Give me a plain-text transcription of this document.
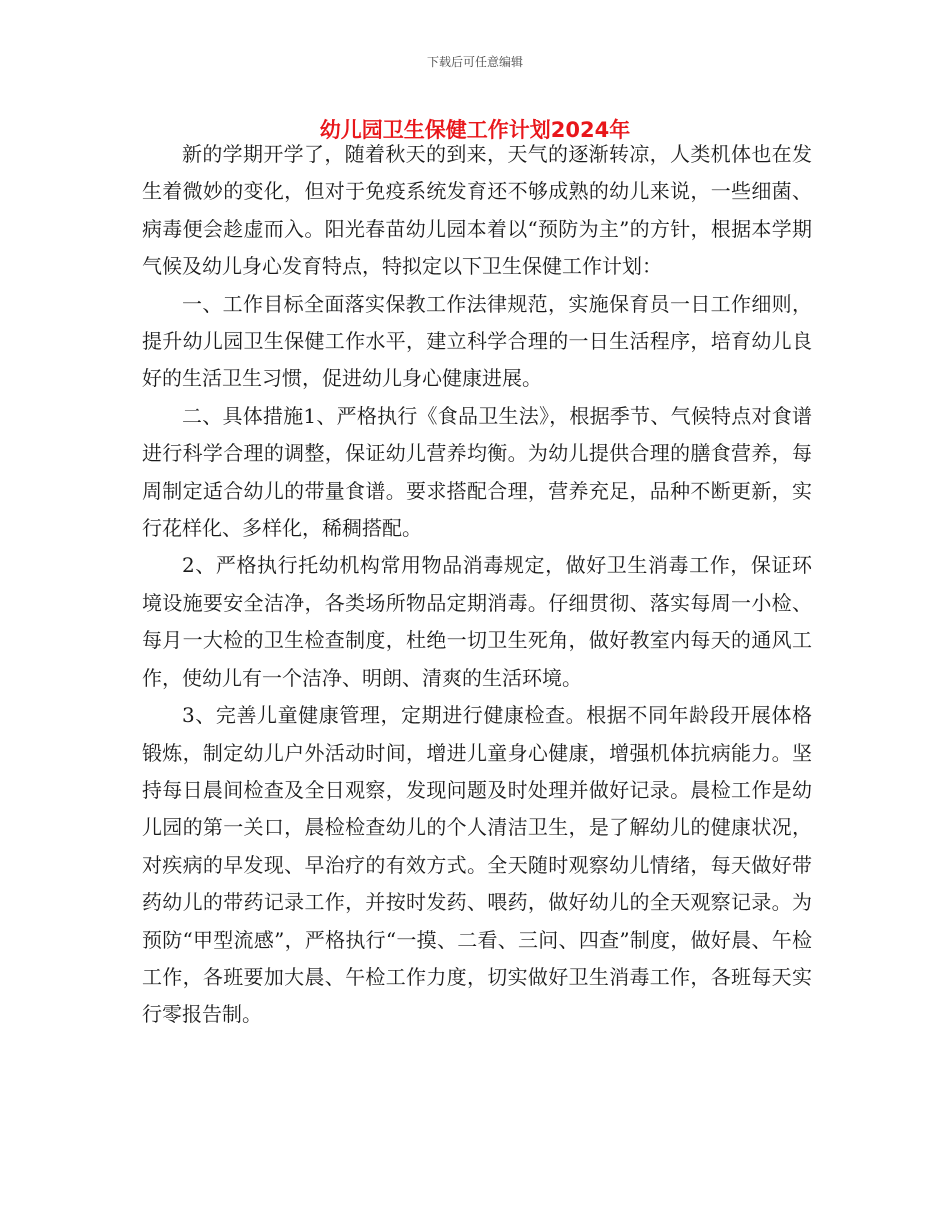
下载后可任意编辑
幼儿园卫生保健工作计划2024年

新的学期开学了，随着秋天的到来，天气的逐渐转凉，人类机体也在发生着微妙的变化，但对于免疫系统发育还不够成熟的幼儿来说，一些细菌、病毒便会趁虚而入。阳光春苗幼儿园本着以“预防为主”的方针，根据本学期气候及幼儿身心发育特点，特拟定以下卫生保健工作计划：

一、工作目标全面落实保教工作法律规范，实施保育员一日工作细则，提升幼儿园卫生保健工作水平，建立科学合理的一日生活程序，培育幼儿良好的生活卫生习惯，促进幼儿身心健康进展。

二、具体措施1、严格执行《食品卫生法》，根据季节、气候特点对食谱进行科学合理的调整，保证幼儿营养均衡。为幼儿提供合理的膳食营养，每周制定适合幼儿的带量食谱。要求搭配合理，营养充足，品种不断更新，实行花样化、多样化，稀稠搭配。

2、严格执行托幼机构常用物品消毒规定，做好卫生消毒工作，保证环境设施要安全洁净，各类场所物品定期消毒。仔细贯彻、落实每周一小检、每月一大检的卫生检查制度，杜绝一切卫生死角，做好教室内每天的通风工作，使幼儿有一个洁净、明朗、清爽的生活环境。

3、完善儿童健康管理，定期进行健康检查。根据不同年龄段开展体格锻炼，制定幼儿户外活动时间，增进儿童身心健康，增强机体抗病能力。坚持每日晨间检查及全日观察，发现问题及时处理并做好记录。晨检工作是幼儿园的第一关口，晨检检查幼儿的个人清洁卫生，是了解幼儿的健康状况，对疾病的早发现、早治疗的有效方式。全天随时观察幼儿情绪，每天做好带药幼儿的带药记录工作，并按时发药、喂药，做好幼儿的全天观察记录。为预防“甲型流感”，严格执行“一摸、二看、三问、四查”制度，做好晨、午检工作，各班要加大晨、午检工作力度，切实做好卫生消毒工作，各班每天实行零报告制。
